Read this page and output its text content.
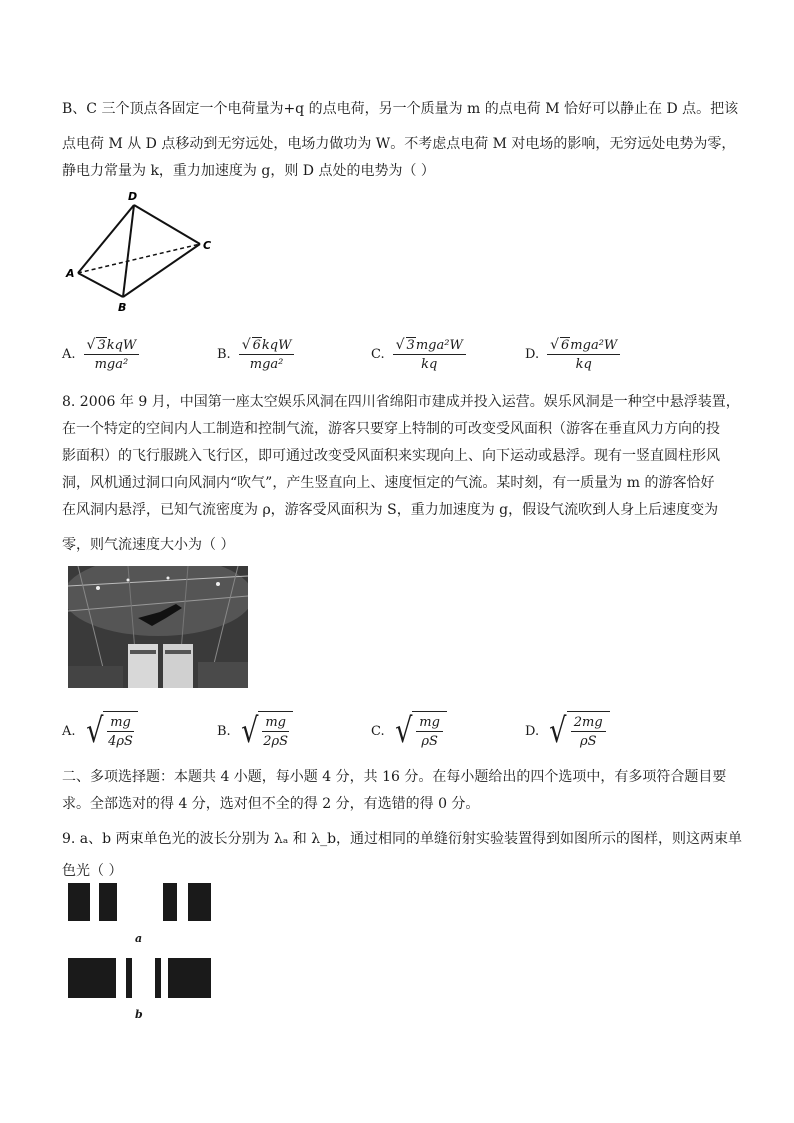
B、C 三个顶点各固定一个电荷量为+q 的点电荷，另一个质量为 m 的点电荷 M 恰好可以静止在 D 点。把该
点电荷 M 从 D 点移动到无穷远处，电场力做功为 W。不考虑点电荷 M 对电场的影响，无穷远处电势为零，
静电力常量为 k，重力加速度为 g，则 D 点处的电势为（ ）
D
C
A
B
A. $\frac{\text{√ 3 kqW}}{\text{mga²}}$	B. $\frac{\text{√ 6 kqW}}{\text{mga²}}$	C. $\frac{\text{√ 3 mga²W}}{kq}$	D. $\frac{\text{√ 6 mga²W}}{kq}$
8. 2006 年 9 月，中国第一座太空娱乐风洞在四川省绵阳市建成并投入运营。娱乐风洞是一种空中悬浮装置，
在一个特定的空间内人工制造和控制气流，游客只要穿上特制的可改变受风面积（游客在垂直风力方向的投
影面积）的飞行服跳入飞行区，即可通过改变受风面积来实现向上、向下运动或悬浮。现有一竖直圆柱形风
洞，风机通过洞口向风洞内“吹气”，产生竖直向上、速度恒定的气流。某时刻，有一质量为 m 的游客恰好
在风洞内悬浮，已知气流密度为 ρ，游客受风面积为 S，重力加速度为 g，假设气流吹到人身上后速度变为
零，则气流速度大小为（ ）
A. √ $\frac{mg}{4\rho S}$	B. √ $\frac{mg}{2\rho S}$	C. √ $\frac{mg}{\rho S}$	D. √ $\frac{2mg}{\rho S}$
二、多项选择题：本题共 4 小题，每小题 4 分，共 16 分。在每小题给出的四个选项中，有多项符合题目要
求。全部选对的得 4 分，选对但不全的得 2 分，有选错的得 0 分。
9. a、b 两束单色光的波长分别为 λₐ 和 λ_b，通过相同的单缝衍射实验装置得到如图所示的图样，则这两束单
色光（ ）
a
b
